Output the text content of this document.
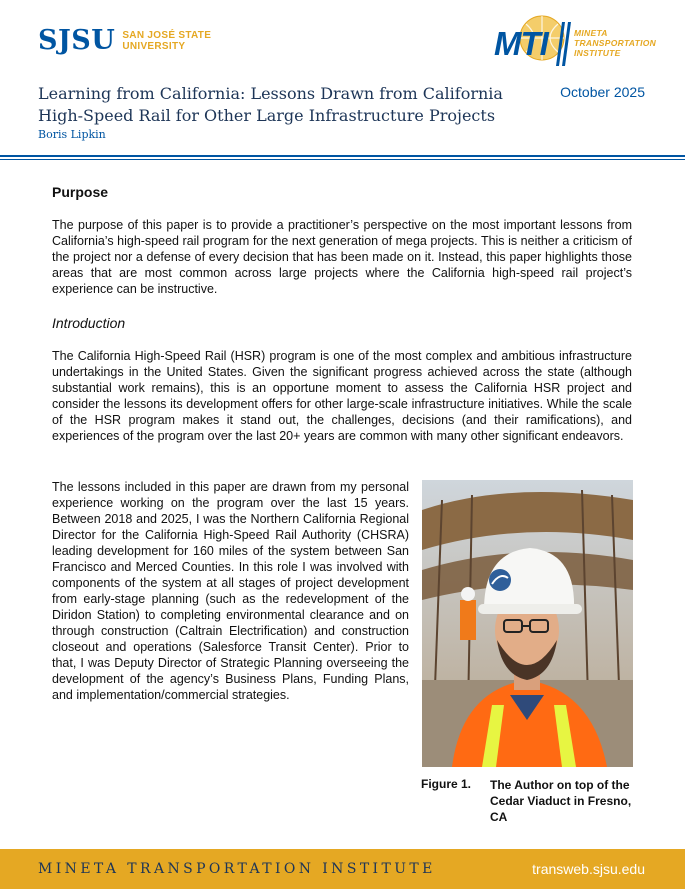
SJSU SAN JOSÉ STATE
UNIVERSITY	MTI	MINETA
TRANSPORTATION
INSTITUTE
Learning from California: Lessons Drawn from California High-Speed Rail for Other Large Infrastructure Projects
Boris Lipkin
October 2025
Purpose

The purpose of this paper is to provide a practitioner’s perspective on the most important lessons from California’s high-speed rail program for the next generation of mega projects. This is neither a criticism of the project nor a defense of every decision that has been made on it. Instead, this paper highlights those areas that are most common across large projects where the California high-speed rail project’s experience can be instructive.

Introduction

The California High-Speed Rail (HSR) program is one of the most complex and ambitious infrastructure undertakings in the United States. Given the significant progress achieved across the state (although substantial work remains), this is an opportune moment to assess the California HSR project and consider the lessons its development offers for other large-scale infrastructure initiatives. While the scale of the HSR program makes it stand out, the challenges, decisions (and their ramifications), and experiences of the program over the last 20+ years are common with many other significant endeavors.

The lessons included in this paper are drawn from my personal experience working on the program over the last 15 years. Between 2018 and 2025, I was the Northern California Regional Director for the California High-Speed Rail Authority (CHSRA) leading development for 160 miles of the system between San Francisco and Merced Counties. In this role I was involved with components of the system at all stages of project development from early-stage planning (such as the redevelopment of the Diridon Station) to completing environmental clearance and on through construction (Caltrain Electrification) and construction closeout and operations (Salesforce Transit Center). Prior to that, I was Deputy Director of Strategic Planning overseeing the development of the agency’s Business Plans, Funding Plans, and implementation/commercial strategies.

Figure 1. The Author on top of the Cedar Viaduct in Fresno, CA
MINETA TRANSPORTATION INSTITUTE	transweb.sjsu.edu
